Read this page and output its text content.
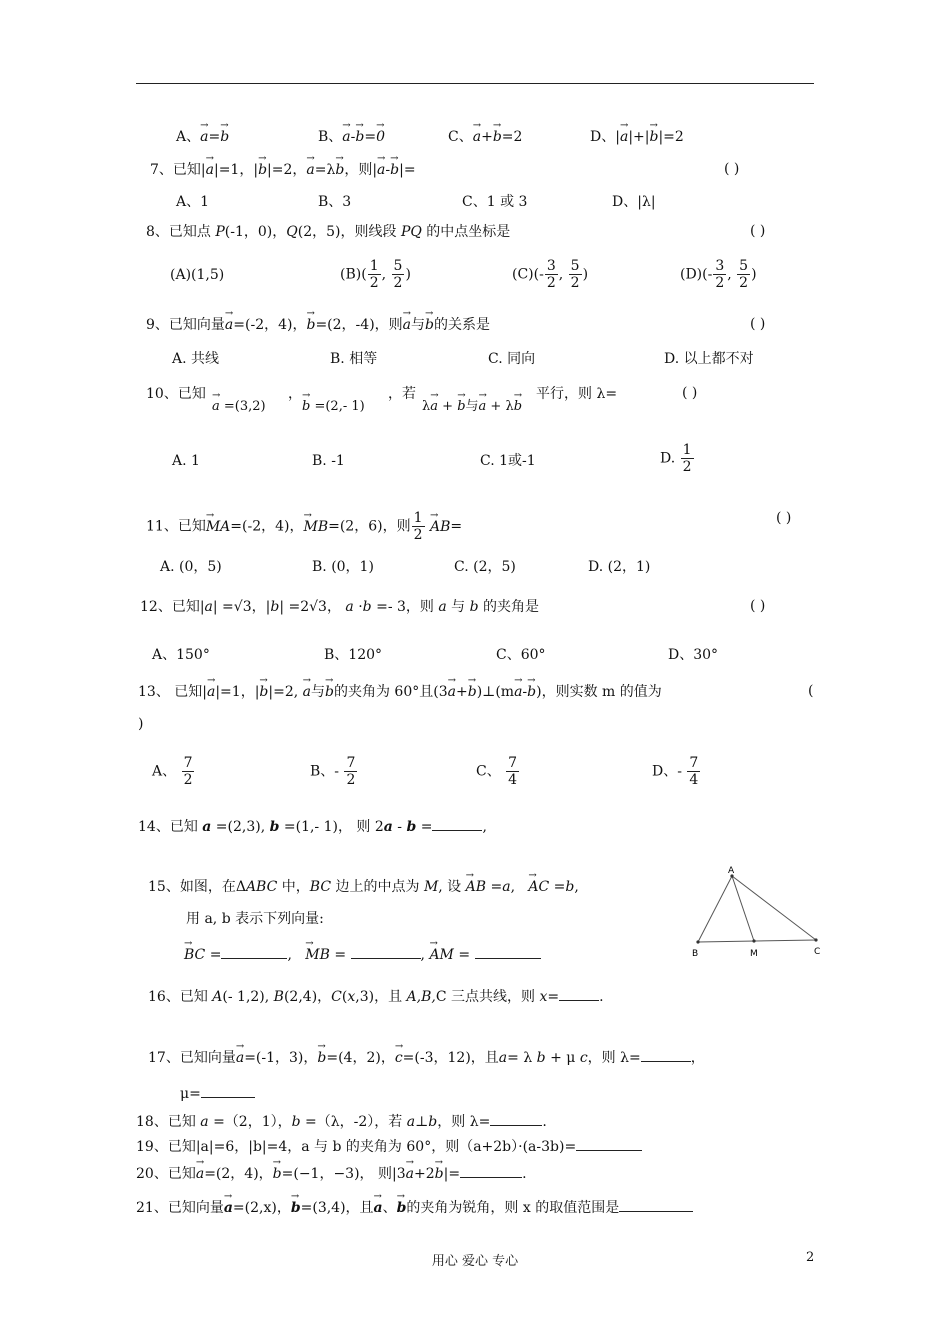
A、→ a=→ b	B、→ a-→ b=→ 0	C、→ a+→ b=2	D、|→ a|+|→ b|=2
7、已知|→ a|=1，|→ b|=2，→ a=λ→ b，则|→ a-→ b|=	( )
A、1	B、3	C、1 或 3	D、|λ|
8、已知点 P(-1，0)，Q(2，5)，则线段 PQ 的中点坐标是	( )
(A)(1,5)	$(B)( \frac{1}{2}$ , $\frac{5}{2}$ )	$(C)(- \frac{3}{2}$ , $\frac{5}{2}$ )	$(D)(- \frac{3}{2}$ , $\frac{5}{2}$ )
9、已知向量→ a=(-2，4)，→ b=(2，-4)，则→ a与→ b的关系是	( )
A. 共线	B. 相等	C. 同向	D. 以上都不对
10、已知
→ a =(3,2)
，
→ b =(2,- 1)
，若
λ→ a + → b与→ a + λ→ b
平行，则 λ=	( )
A. 1	B. -1	C. 1或-1	D. $\frac{1}{2}$
11、已知→ MA=(-2，4)，→ MB=(2，6)，则 $\frac{1}{2}$
→ AB=
( )
A. (0，5)	B. (0，1)	C. (2，5)	D. (2，1)
12、已知|a| =√3，|b| =2√3， a ·b =- 3，则 a 与 b 的夹角是	( )
A、150°	B、120°	C、60°	D、30°
13、 已知|→ a|=1，|→ b|=2, → a与→ b的夹角为 60°且(3→ a+→ b)⊥(m→ a-→ b)，则实数 m 的值为	(
)
A、 $\frac{7}{2}$	B、- $\frac{7}{2}$	C、 $\frac{7}{4}$	D、- $\frac{7}{4}$
14、已知 a =(2,3), b =(1,- 1)， 则 2a - b =	,
15、如图，在ΔABC 中，BC 边上的中点为 M, 设 → AB =a,   → AC =b,
用 a, b 表示下列向量:
→ BC =	,   → MB =	, → AM =
A
B	M	C
16、已知 A(- 1,2), B(2,4)，C(x,3)，且 A,B,C 三点共线，则 x=	.
17、已知向量→ a=(-1，3)，→ b=(4，2)，→ c=(-3，12)，且a= λ b + μ c，则 λ=	，
μ=
18、已知 a =（2，1），b =（λ，-2），若 a⊥b，则 λ=	.
19、已知|a|=6，|b|=4，a 与 b 的夹角为 60°，则（a+2b）·(a-3b)=
20、已知→ a=(2，4)，→ b=(−1，−3)， 则|3→ a+2→ b|=	.
21、已知向量→ a=(2,x)，→ b=(3,4)，且→ a、→ b的夹角为锐角，则 x 的取值范围是
用心 爱心 专心	2
